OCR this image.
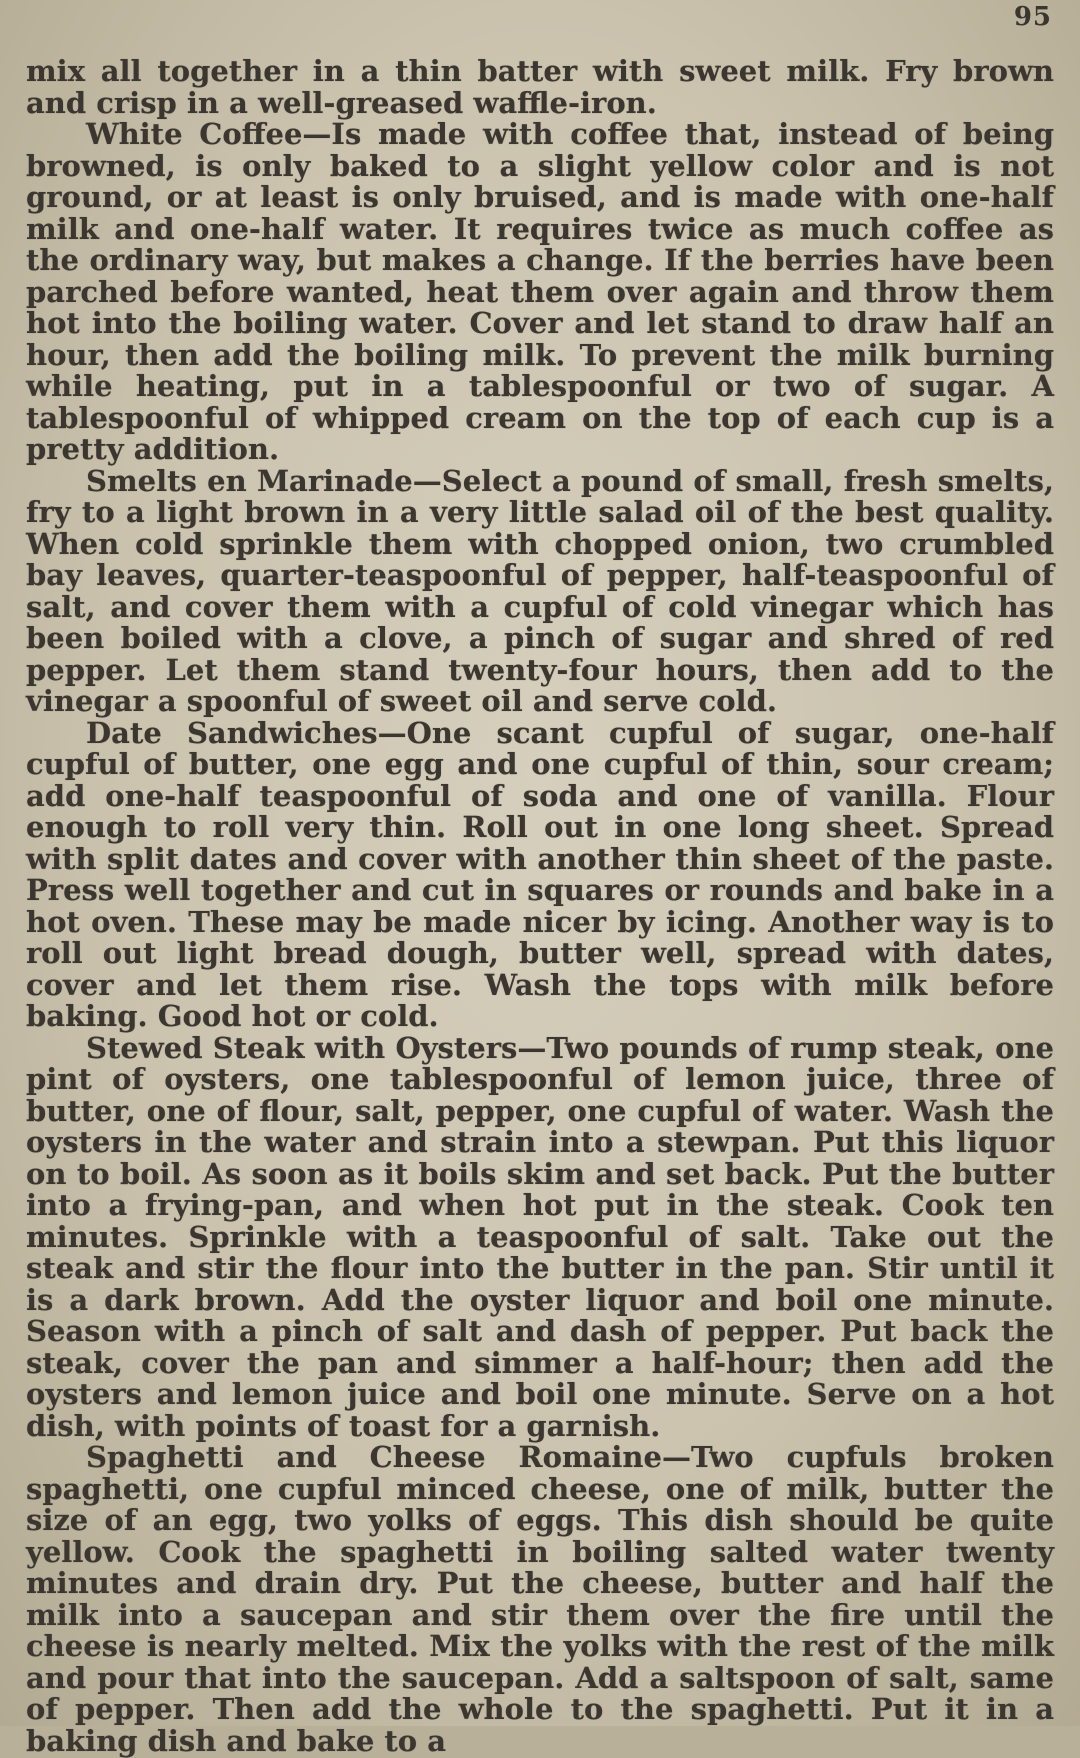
95

mix all together in a thin batter with sweet milk. Fry brown and crisp in a well-greased waffle-iron.

White Coffee—Is made with coffee that, instead of being browned, is only baked to a slight yellow color and is not ground, or at least is only bruised, and is made with one-half milk and one-half water. It requires twice as much coffee as the ordinary way, but makes a change. If the berries have been parched before wanted, heat them over again and throw them hot into the boiling water. Cover and let stand to draw half an hour, then add the boiling milk. To prevent the milk burning while heating, put in a tablespoonful or two of sugar. A tablespoonful of whipped cream on the top of each cup is a pretty addition.

Smelts en Marinade—Select a pound of small, fresh smelts, fry to a light brown in a very little salad oil of the best quality. When cold sprinkle them with chopped onion, two crumbled bay leaves, quarter-teaspoonful of pepper, half-teaspoonful of salt, and cover them with a cupful of cold vinegar which has been boiled with a clove, a pinch of sugar and shred of red pepper. Let them stand twenty-four hours, then add to the vinegar a spoonful of sweet oil and serve cold.

Date Sandwiches—One scant cupful of sugar, one-half cupful of butter, one egg and one cupful of thin, sour cream; add one-half teaspoonful of soda and one of vanilla. Flour enough to roll very thin. Roll out in one long sheet. Spread with split dates and cover with another thin sheet of the paste. Press well together and cut in squares or rounds and bake in a hot oven. These may be made nicer by icing. Another way is to roll out light bread dough, butter well, spread with dates, cover and let them rise. Wash the tops with milk before baking. Good hot or cold.

Stewed Steak with Oysters—Two pounds of rump steak, one pint of oysters, one tablespoonful of lemon juice, three of butter, one of flour, salt, pepper, one cupful of water. Wash the oysters in the water and strain into a stewpan. Put this liquor on to boil. As soon as it boils skim and set back. Put the butter into a frying-pan, and when hot put in the steak. Cook ten minutes. Sprinkle with a teaspoonful of salt. Take out the steak and stir the flour into the butter in the pan. Stir until it is a dark brown. Add the oyster liquor and boil one minute. Season with a pinch of salt and dash of pepper. Put back the steak, cover the pan and simmer a half-hour; then add the oysters and lemon juice and boil one minute. Serve on a hot dish, with points of toast for a garnish.

Spaghetti and Cheese Romaine—Two cupfuls broken spaghetti, one cupful minced cheese, one of milk, butter the size of an egg, two yolks of eggs. This dish should be quite yellow. Cook the spaghetti in boiling salted water twenty minutes and drain dry. Put the cheese, butter and half the milk into a saucepan and stir them over the fire until the cheese is nearly melted. Mix the yolks with the rest of the milk and pour that into the saucepan. Add a saltspoon of salt, same of pepper. Then add the whole to the spaghetti. Put it in a baking dish and bake to a
